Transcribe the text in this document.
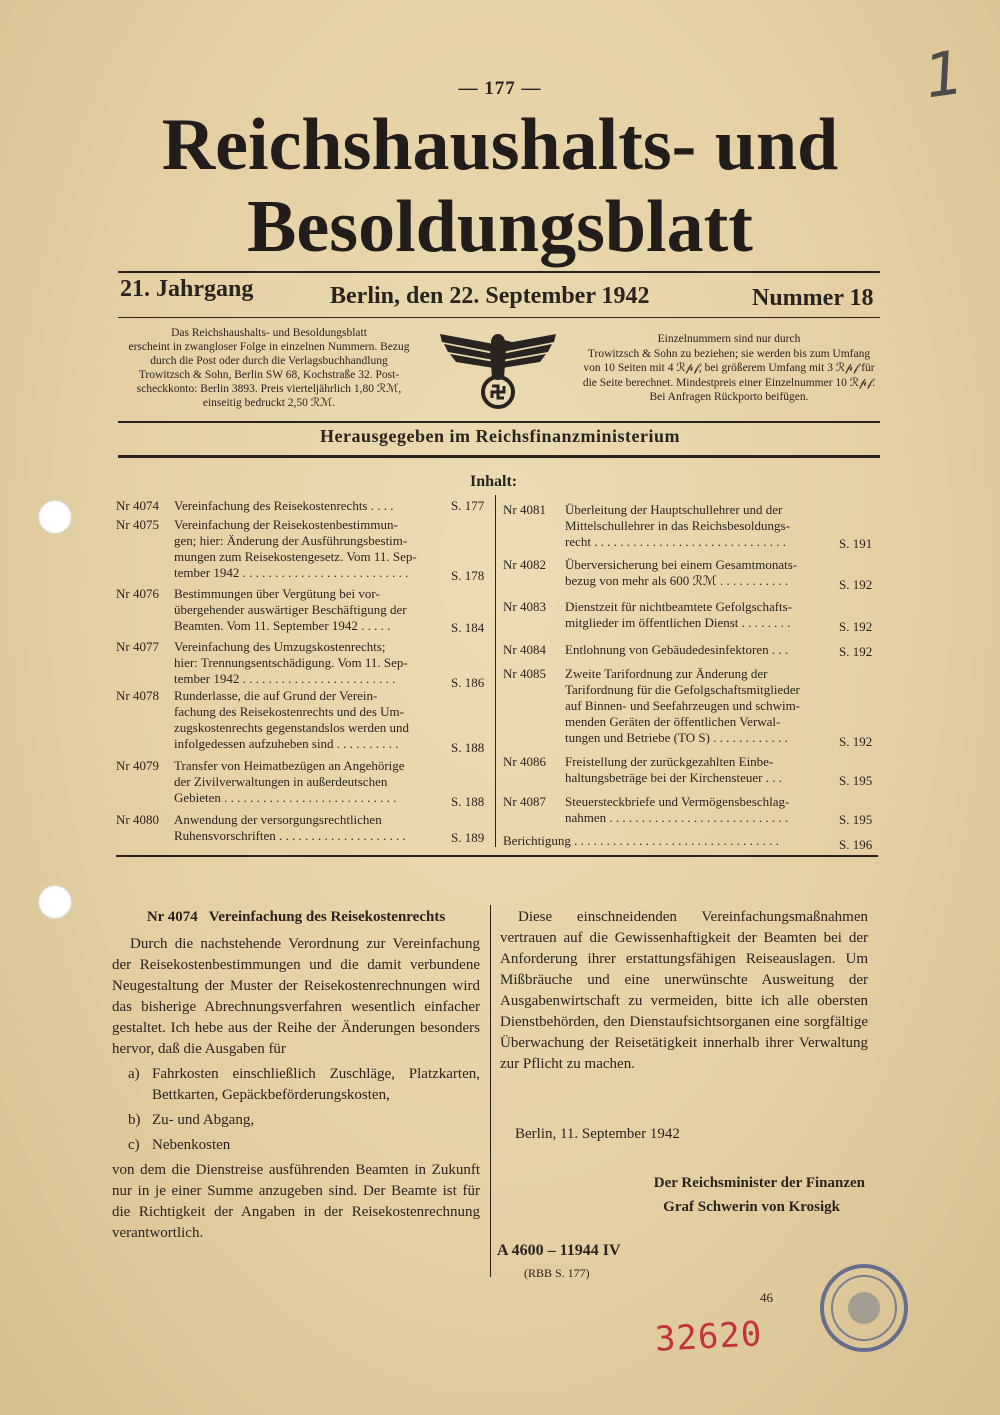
1
— 177 —
Reichshaushalts- und
Besoldungsblatt
21. Jahrgang	Berlin, den 22. September 1942	Nummer 18
Das Reichshaushalts- und Besoldungsblatt
erscheint in zwangloser Folge in einzelnen Nummern. Bezug
durch die Post oder durch die Verlagsbuchhandlung
Trowitzsch & Sohn, Berlin SW 68, Kochstraße 32. Post-
scheckkonto: Berlin 3893. Preis vierteljährlich 1,80 ℛℳ,
einseitig bedruckt 2,50 ℛℳ.
Einzelnummern sind nur durch
Trowitzsch & Sohn zu beziehen; sie werden bis zum Umfang
von 10 Seiten mit 4 ℛ𝓅𝒻, bei größerem Umfang mit 3 ℛ𝓅𝒻 für
die Seite berechnet. Mindestpreis einer Einzelnummer 10 ℛ𝓅𝒻.
Bei Anfragen Rückporto beifügen.
Herausgegeben im Reichsfinanzministerium
Inhalt:
Nr 4074	Vereinfachung des Reisekostenrechts . . . .	S. 177
Nr 4075	Vereinfachung der Reisekostenbestimmun-
gen; hier: Änderung der Ausführungsbestim-
mungen zum Reisekostengesetz. Vom 11. Sep-
tember 1942 . . . . . . . . . . . . . . . . . . . . . . . . . .	S. 178
Nr 4076	Bestimmungen über Vergütung bei vor-
übergehender auswärtiger Beschäftigung der
Beamten. Vom 11. September 1942 . . . . .	S. 184
Nr 4077	Vereinfachung des Umzugskostenrechts;
hier: Trennungsentschädigung. Vom 11. Sep-
tember 1942 . . . . . . . . . . . . . . . . . . . . . . . .	S. 186
Nr 4078	Runderlasse, die auf Grund der Verein-
fachung des Reisekostenrechts und des Um-
zugskostenrechts gegenstandslos werden und
infolgedessen aufzuheben sind . . . . . . . . . .	S. 188
Nr 4079	Transfer von Heimatbezügen an Angehörige
der Zivilverwaltungen in außerdeutschen
Gebieten . . . . . . . . . . . . . . . . . . . . . . . . . . .	S. 188
Nr 4080	Anwendung der versorgungsrechtlichen
Ruhensvorschriften . . . . . . . . . . . . . . . . . . . .	S. 189
Nr 4081	Überleitung der Hauptschullehrer und der
Mittelschullehrer in das Reichsbesoldungs-
recht . . . . . . . . . . . . . . . . . . . . . . . . . . . . . .	S. 191
Nr 4082	Überversicherung bei einem Gesamtmonats-
bezug von mehr als 600 ℛℳ . . . . . . . . . . .	S. 192
Nr 4083	Dienstzeit für nichtbeamtete Gefolgschafts-
mitglieder im öffentlichen Dienst . . . . . . . .	S. 192
Nr 4084	Entlohnung von Gebäudedesinfektoren . . .	S. 192
Nr 4085	Zweite Tarifordnung zur Änderung der
Tarifordnung für die Gefolgschaftsmitglieder
auf Binnen- und Seefahrzeugen und schwim-
menden Geräten der öffentlichen Verwal-
tungen und Betriebe (TO S) . . . . . . . . . . . .	S. 192
Nr 4086	Freistellung der zurückgezahlten Einbe-
haltungsbeträge bei der Kirchensteuer . . .	S. 195
Nr 4087	Steuersteckbriefe und Vermögensbeschlag-
nahmen . . . . . . . . . . . . . . . . . . . . . . . . . . . .	S. 195
Berichtigung . . . . . . . . . . . . . . . . . . . . . . . . . . . . . . . .	S. 196
Nr 4074 Vereinfachung des Reisekostenrechts

Durch die nachstehende Verordnung zur Vereinfachung der Reisekostenbestimmungen und die damit verbundene Neugestaltung der Muster der Reisekostenrechnungen wird das bisherige Abrechnungsverfahren wesentlich einfacher gestaltet. Ich hebe aus der Reihe der Änderungen besonders hervor, daß die Ausgaben für

a) Fahrkosten einschließlich Zuschläge, Platzkarten, Bettkarten, Gepäckbeförderungskosten,
b) Zu- und Abgang,
c) Nebenkosten

von dem die Dienstreise ausführenden Beamten in Zukunft nur in je einer Summe anzugeben sind. Der Beamte ist für die Richtigkeit der Angaben in der Reisekostenrechnung verantwortlich.

Diese einschneidenden Vereinfachungsmaßnahmen vertrauen auf die Gewissenhaftigkeit der Beamten bei der Anforderung ihrer erstattungsfähigen Reiseauslagen. Um Mißbräuche und eine unerwünschte Ausweitung der Ausgabenwirtschaft zu vermeiden, bitte ich alle obersten Dienstbehörden, den Dienstaufsichtsorganen eine sorgfältige Überwachung der Reisetätigkeit innerhalb ihrer Verwaltung zur Pflicht zu machen.

Berlin, 11. September 1942
Der Reichsminister der Finanzen
Graf Schwerin von Krosigk
A 4600 – 11944 IV
(RBB S. 177)
46
32620
